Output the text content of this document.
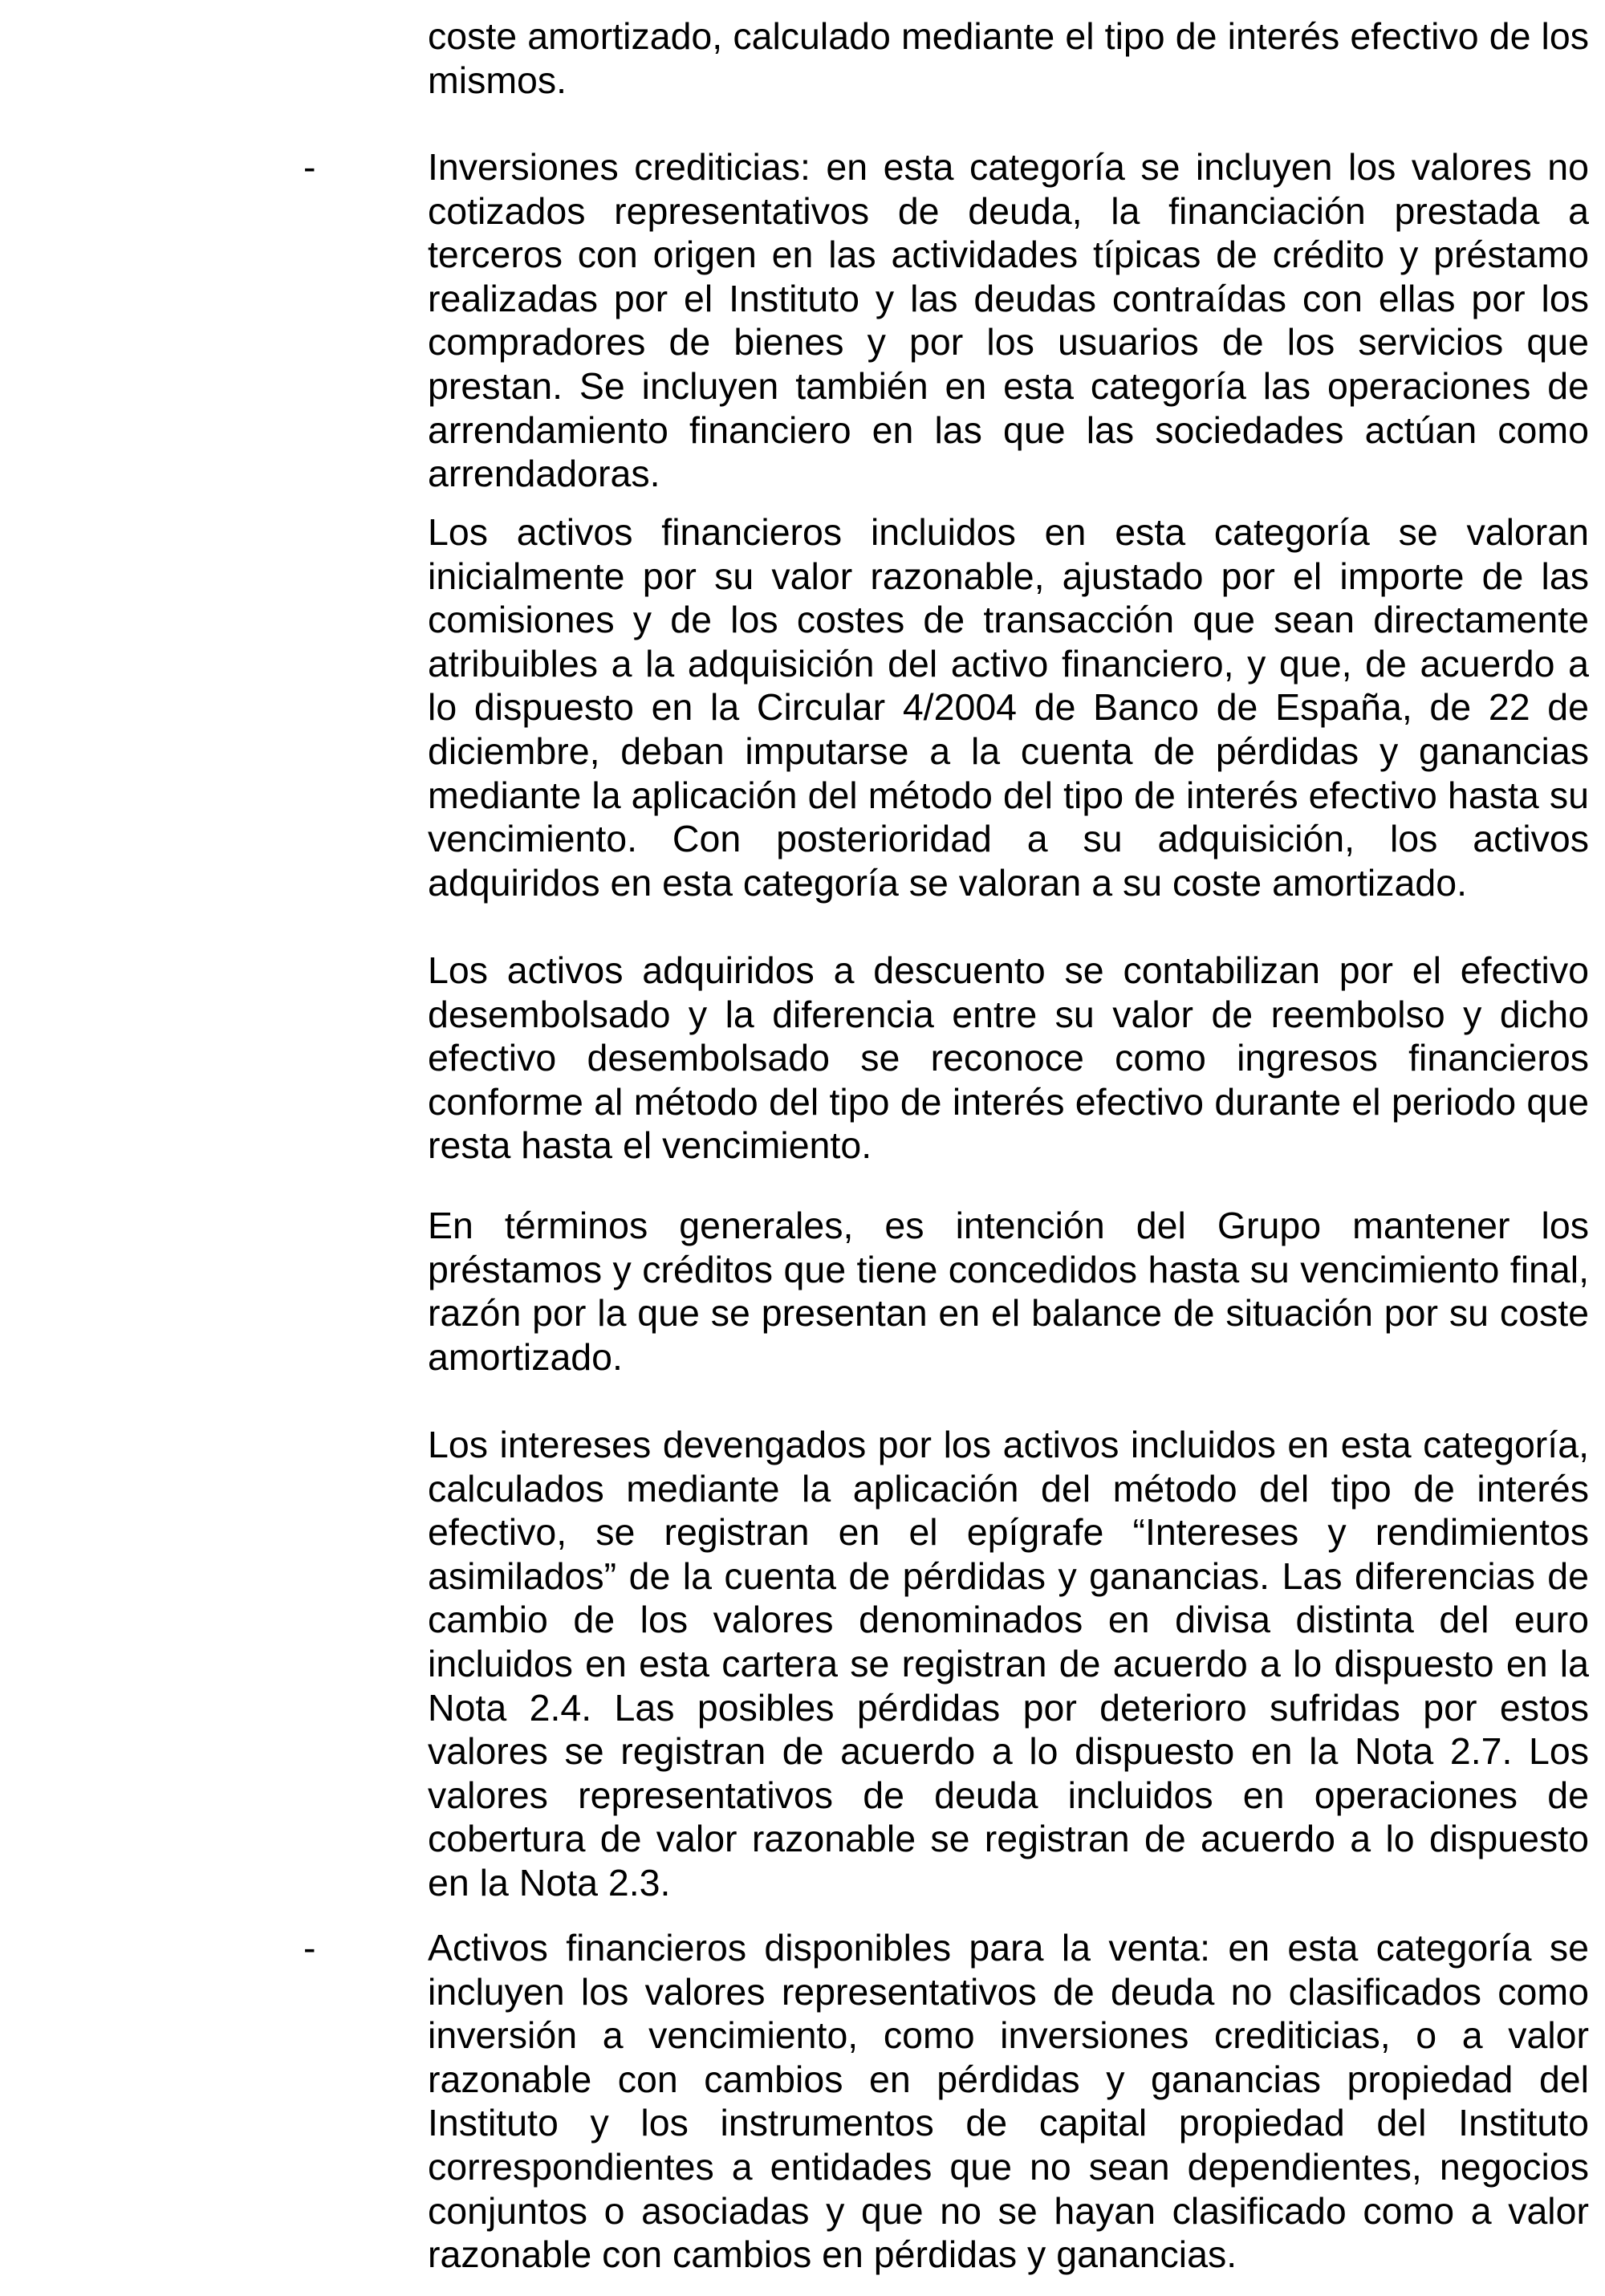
coste amortizado, calculado mediante el tipo de interés efectivo de los mismos.

-	Inversiones crediticias: en esta categoría se incluyen los valores no cotizados representativos de deuda, la financiación prestada a terceros con origen en las actividades típicas de crédito y préstamo realizadas por el Instituto y las deudas contraídas con ellas por los compradores de bienes y por los usuarios de los servicios que prestan. Se incluyen también en esta categoría las operaciones de arrendamiento financiero en las que las sociedades actúan como arrendadoras.

Los activos financieros incluidos en esta categoría se valoran inicialmente por su valor razonable, ajustado por el importe de las comisiones y de los costes de transacción que sean directamente atribuibles a la adquisición del activo financiero, y que, de acuerdo a lo dispuesto en la Circular 4/2004 de Banco de España, de 22 de diciembre, deban imputarse a la cuenta de pérdidas y ganancias mediante la aplicación del método del tipo de interés efectivo hasta su vencimiento. Con posterioridad a su adquisición, los activos adquiridos en esta categoría se valoran a su coste amortizado.

Los activos adquiridos a descuento se contabilizan por el efectivo desembolsado y la diferencia entre su valor de reembolso y dicho efectivo desembolsado se reconoce como ingresos financieros conforme al método del tipo de interés efectivo durante el periodo que resta hasta el vencimiento.

En términos generales, es intención del Grupo mantener los préstamos y créditos que tiene concedidos hasta su vencimiento final, razón por la que se presentan en el balance de situación por su coste amortizado.

Los intereses devengados por los activos incluidos en esta categoría, calculados mediante la aplicación del método del tipo de interés efectivo, se registran en el epígrafe “Intereses y rendimientos asimilados” de la cuenta de pérdidas y ganancias. Las diferencias de cambio de los valores denominados en divisa distinta del euro incluidos en esta cartera se registran de acuerdo a lo dispuesto en la Nota 2.4. Las posibles pérdidas por deterioro sufridas por estos valores se registran de acuerdo a lo dispuesto en la Nota 2.7. Los valores representativos de deuda incluidos en operaciones de cobertura de valor razonable se registran de acuerdo a lo dispuesto en la Nota 2.3.

-	Activos financieros disponibles para la venta: en esta categoría se incluyen los valores representativos de deuda no clasificados como inversión a vencimiento, como inversiones crediticias, o a valor razonable con cambios en pérdidas y ganancias propiedad del Instituto y los instrumentos de capital propiedad del Instituto correspondientes a entidades que no sean dependientes, negocios conjuntos o asociadas y que no se hayan clasificado como a valor razonable con cambios en pérdidas y ganancias.
